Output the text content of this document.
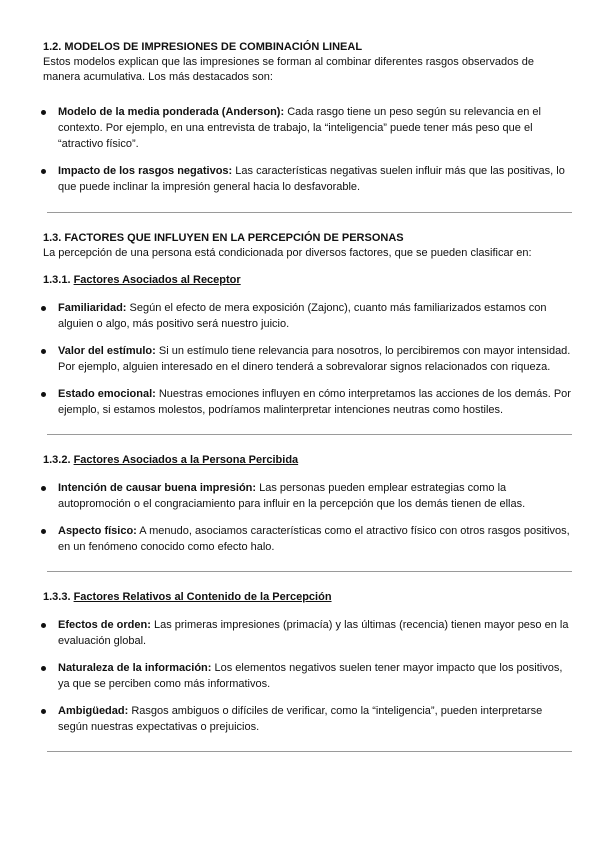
1.2. MODELOS DE IMPRESIONES DE COMBINACIÓN LINEAL

Estos modelos explican que las impresiones se forman al combinar diferentes rasgos observados de manera acumulativa. Los más destacados son:

Modelo de la media ponderada (Anderson): Cada rasgo tiene un peso según su relevancia en el contexto. Por ejemplo, en una entrevista de trabajo, la “inteligencia” puede tener más peso que el “atractivo físico”.
Impacto de los rasgos negativos: Las características negativas suelen influir más que las positivas, lo que puede inclinar la impresión general hacia lo desfavorable.

1.3. FACTORES QUE INFLUYEN EN LA PERCEPCIÓN DE PERSONAS

La percepción de una persona está condicionada por diversos factores, que se pueden clasificar en:

1.3.1. Factores Asociados al Receptor

Familiaridad: Según el efecto de mera exposición (Zajonc), cuanto más familiarizados estamos con alguien o algo, más positivo será nuestro juicio.
Valor del estímulo: Si un estímulo tiene relevancia para nosotros, lo percibiremos con mayor intensidad. Por ejemplo, alguien interesado en el dinero tenderá a sobrevalorar signos relacionados con riqueza.
Estado emocional: Nuestras emociones influyen en cómo interpretamos las acciones de los demás. Por ejemplo, si estamos molestos, podríamos malinterpretar intenciones neutras como hostiles.

1.3.2. Factores Asociados a la Persona Percibida

Intención de causar buena impresión: Las personas pueden emplear estrategias como la autopromoción o el congraciamiento para influir en la percepción que los demás tienen de ellas.
Aspecto físico: A menudo, asociamos características como el atractivo físico con otros rasgos positivos, en un fenómeno conocido como efecto halo.

1.3.3. Factores Relativos al Contenido de la Percepción

Efectos de orden: Las primeras impresiones (primacía) y las últimas (recencia) tienen mayor peso en la evaluación global.
Naturaleza de la información: Los elementos negativos suelen tener mayor impacto que los positivos, ya que se perciben como más informativos.
Ambigüedad: Rasgos ambiguos o difíciles de verificar, como la “inteligencia”, pueden interpretarse según nuestras expectativas o prejuicios.
